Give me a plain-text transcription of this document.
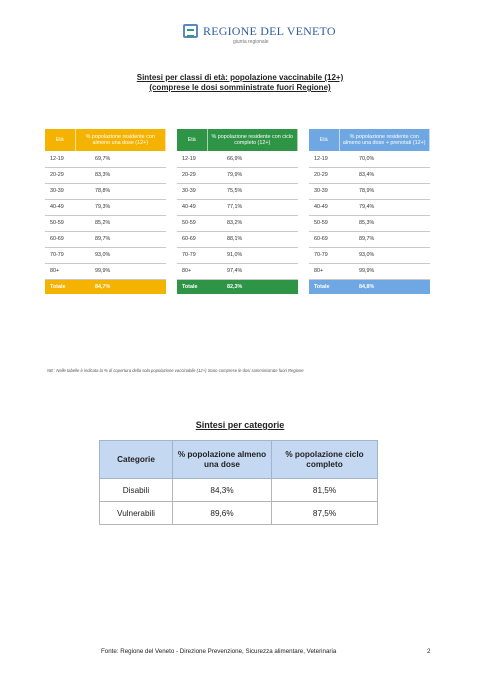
REGIONE DEL VENETO
giunta regionale
Sintesi per classi di età: popolazione vaccinabile (12+)
(comprese le dosi somministrate fuori Regione)
Età	% popolazione residente con almeno una dose (12+)
12-19	69,7%
20-29	83,3%
30-39	78,8%
40-49	79,3%
50-59	85,2%
60-69	89,7%
70-79	93,0%
80+	99,9%
Totale	84,7%
Età	% popolazione residente con ciclo completo (12+)
12-19	66,9%
20-29	79,9%
30-39	75,5%
40-49	77,1%
50-59	83,2%
60-69	88,1%
70-79	91,0%
80+	97,4%
Totale	82,3%
Età	% popolazione residente con almeno una dose + prenotati (12+)
12-19	70,0%
20-29	83,4%
30-39	78,9%
40-49	79,4%
50-59	85,3%
60-69	89,7%
70-79	93,0%
80+	99,9%
Totale	84,8%
NB : Nelle tabelle è indicata la % di copertura della sola popolazione vaccinabile (12+) Sono comprese le dosi somministrate fuori Regione
Sintesi per categorie
Categorie	% popolazione almeno una dose	% popolazione ciclo completo
Disabili	84,3%	81,5%
Vulnerabili	89,6%	87,5%
Fonte: Regione del Veneto - Direzione Prevenzione, Sicurezza alimentare, Veterinaria	2
